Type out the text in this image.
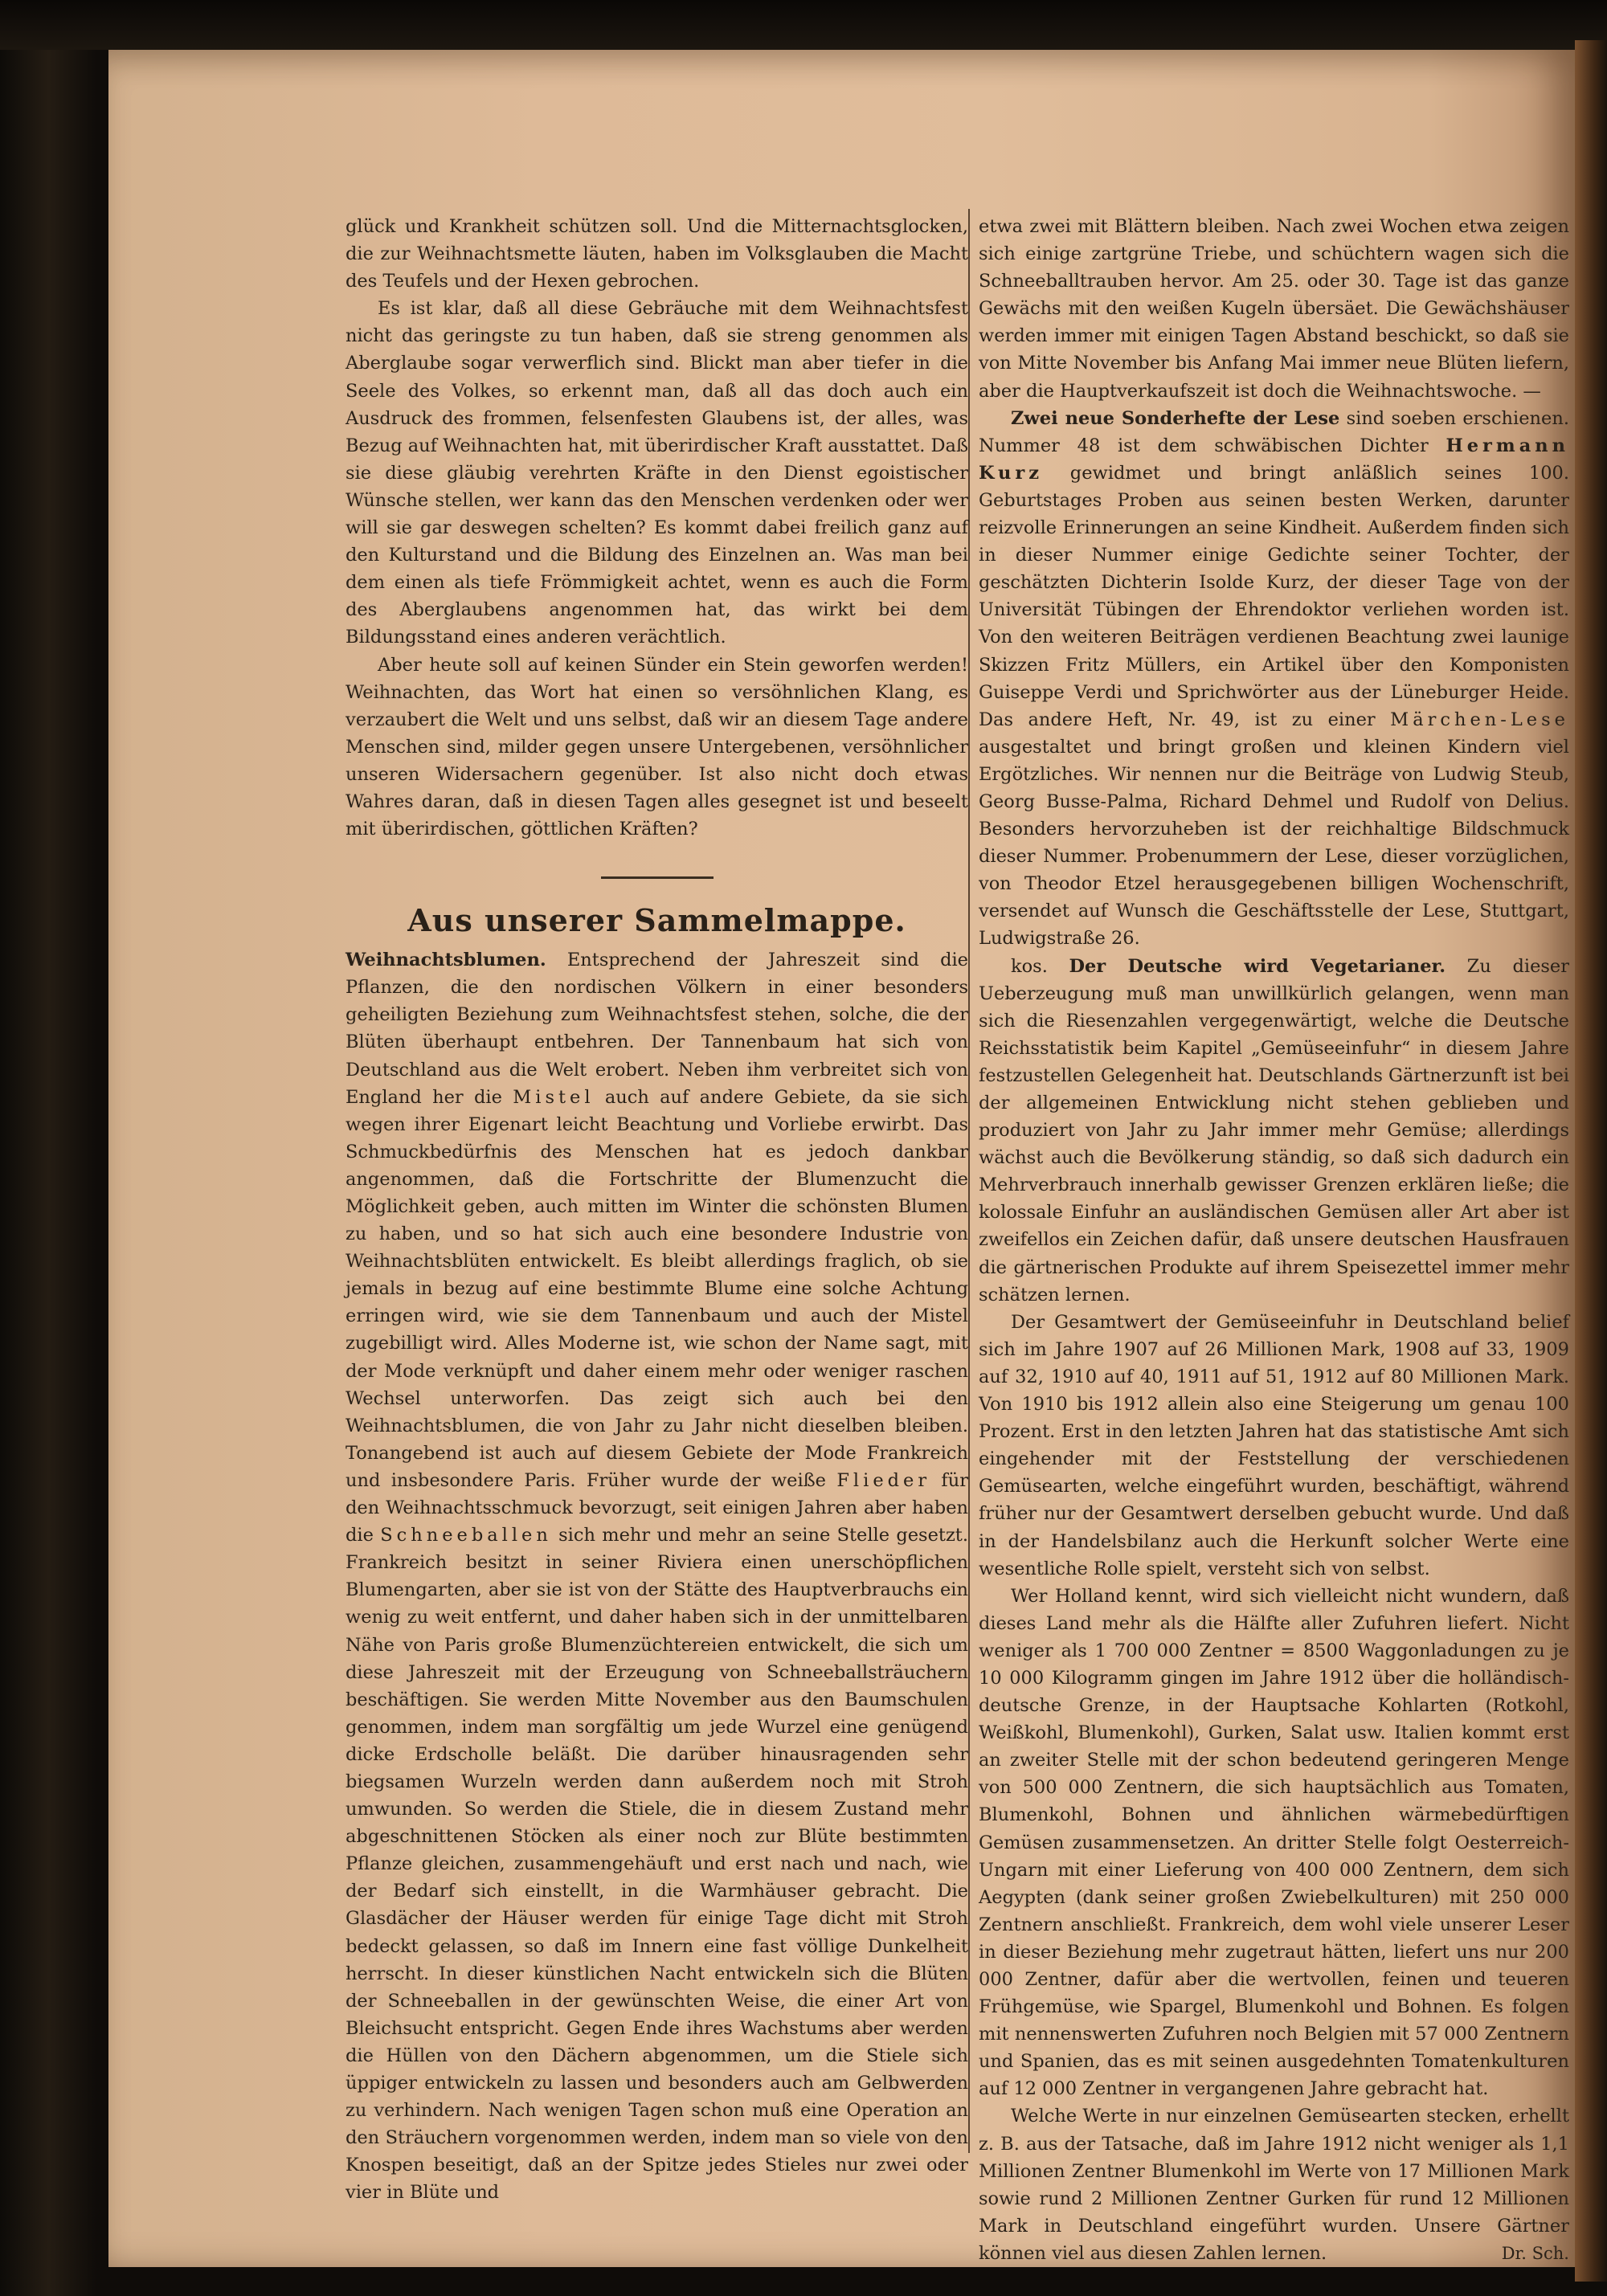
glück und Krankheit schützen soll. Und die Mitternachtsglocken, die zur Weihnachtsmette läuten, haben im Volksglauben die Macht des Teufels und der Hexen gebrochen.

Es ist klar, daß all diese Gebräuche mit dem Weihnachtsfest nicht das geringste zu tun haben, daß sie streng genommen als Aberglaube sogar verwerflich sind. Blickt man aber tiefer in die Seele des Volkes, so erkennt man, daß all das doch auch ein Ausdruck des frommen, felsenfesten Glaubens ist, der alles, was Bezug auf Weihnachten hat, mit überirdischer Kraft ausstattet. Daß sie diese gläubig verehrten Kräfte in den Dienst egoistischer Wünsche stellen, wer kann das den Menschen verdenken oder wer will sie gar deswegen schelten? Es kommt dabei freilich ganz auf den Kulturstand und die Bildung des Einzelnen an. Was man bei dem einen als tiefe Frömmigkeit achtet, wenn es auch die Form des Aberglaubens angenommen hat, das wirkt bei dem Bildungsstand eines anderen verächtlich.

Aber heute soll auf keinen Sünder ein Stein geworfen werden! Weihnachten, das Wort hat einen so versöhnlichen Klang, es verzaubert die Welt und uns selbst, daß wir an diesem Tage andere Menschen sind, milder gegen unsere Untergebenen, versöhnlicher unseren Widersachern gegenüber. Ist also nicht doch etwas Wahres daran, daß in diesen Tagen alles gesegnet ist und beseelt mit überirdischen, göttlichen Kräften?

Aus unserer Sammelmappe.

Weihnachtsblumen. Entsprechend der Jahreszeit sind die Pflanzen, die den nordischen Völkern in einer besonders geheiligten Beziehung zum Weihnachtsfest stehen, solche, die der Blüten überhaupt entbehren. Der Tannenbaum hat sich von Deutschland aus die Welt erobert. Neben ihm verbreitet sich von England her die Mistel auch auf andere Gebiete, da sie sich wegen ihrer Eigenart leicht Beachtung und Vorliebe erwirbt. Das Schmuckbedürfnis des Menschen hat es jedoch dankbar angenommen, daß die Fortschritte der Blumenzucht die Möglichkeit geben, auch mitten im Winter die schönsten Blumen zu haben, und so hat sich auch eine besondere Industrie von Weihnachtsblüten entwickelt. Es bleibt allerdings fraglich, ob sie jemals in bezug auf eine bestimmte Blume eine solche Achtung erringen wird, wie sie dem Tannenbaum und auch der Mistel zugebilligt wird. Alles Moderne ist, wie schon der Name sagt, mit der Mode verknüpft und daher einem mehr oder weniger raschen Wechsel unterworfen. Das zeigt sich auch bei den Weihnachtsblumen, die von Jahr zu Jahr nicht dieselben bleiben. Tonangebend ist auch auf diesem Gebiete der Mode Frankreich und insbesondere Paris. Früher wurde der weiße Flieder für den Weihnachtsschmuck bevorzugt, seit einigen Jahren aber haben die Schneeballen sich mehr und mehr an seine Stelle gesetzt. Frankreich besitzt in seiner Riviera einen unerschöpflichen Blumengarten, aber sie ist von der Stätte des Hauptverbrauchs ein wenig zu weit entfernt, und daher haben sich in der unmittelbaren Nähe von Paris große Blumenzüchtereien entwickelt, die sich um diese Jahreszeit mit der Erzeugung von Schneeballsträuchern beschäftigen. Sie werden Mitte November aus den Baumschulen genommen, indem man sorgfältig um jede Wurzel eine genügend dicke Erdscholle beläßt. Die darüber hinausragenden sehr biegsamen Wurzeln werden dann außerdem noch mit Stroh umwunden. So werden die Stiele, die in diesem Zustand mehr abgeschnittenen Stöcken als einer noch zur Blüte bestimmten Pflanze gleichen, zusammengehäuft und erst nach und nach, wie der Bedarf sich einstellt, in die Warmhäuser gebracht. Die Glasdächer der Häuser werden für einige Tage dicht mit Stroh bedeckt gelassen, so daß im Innern eine fast völlige Dunkelheit herrscht. In dieser künstlichen Nacht entwickeln sich die Blüten der Schneeballen in der gewünschten Weise, die einer Art von Bleichsucht entspricht. Gegen Ende ihres Wachstums aber werden die Hüllen von den Dächern abgenommen, um die Stiele sich üppiger entwickeln zu lassen und besonders auch am Gelbwerden zu verhindern. Nach wenigen Tagen schon muß eine Operation an den Sträuchern vorgenommen werden, indem man so viele von den Knospen beseitigt, daß an der Spitze jedes Stieles nur zwei oder vier in Blüte und

etwa zwei mit Blättern bleiben. Nach zwei Wochen etwa zeigen sich einige zartgrüne Triebe, und schüchtern wagen sich die Schneeballtrauben hervor. Am 25. oder 30. Tage ist das ganze Gewächs mit den weißen Kugeln übersäet. Die Gewächshäuser werden immer mit einigen Tagen Abstand beschickt, so daß sie von Mitte November bis Anfang Mai immer neue Blüten liefern, aber die Hauptverkaufszeit ist doch die Weihnachtswoche. —

Zwei neue Sonderhefte der Lese sind soeben erschienen. Nummer 48 ist dem schwäbischen Dichter Hermann Kurz gewidmet und bringt anläßlich seines 100. Geburtstages Proben aus seinen besten Werken, darunter reizvolle Erinnerungen an seine Kindheit. Außerdem finden sich in dieser Nummer einige Gedichte seiner Tochter, der geschätzten Dichterin Isolde Kurz, der dieser Tage von der Universität Tübingen der Ehrendoktor verliehen worden ist. Von den weiteren Beiträgen verdienen Beachtung zwei launige Skizzen Fritz Müllers, ein Artikel über den Komponisten Guiseppe Verdi und Sprichwörter aus der Lüneburger Heide. Das andere Heft, Nr. 49, ist zu einer Märchen-Lese ausgestaltet und bringt großen und kleinen Kindern viel Ergötzliches. Wir nennen nur die Beiträge von Ludwig Steub, Georg Busse-Palma, Richard Dehmel und Rudolf von Delius. Besonders hervorzuheben ist der reichhaltige Bildschmuck dieser Nummer. Probenummern der Lese, dieser vorzüglichen, von Theodor Etzel herausgegebenen billigen Wochenschrift, versendet auf Wunsch die Geschäftsstelle der Lese, Stuttgart, Ludwigstraße 26.

kos. Der Deutsche wird Vegetarianer. Zu dieser Ueberzeugung muß man unwillkürlich gelangen, wenn man sich die Riesenzahlen vergegenwärtigt, welche die Deutsche Reichsstatistik beim Kapitel „Gemüseeinfuhr“ in diesem Jahre festzustellen Gelegenheit hat. Deutschlands Gärtnerzunft ist bei der allgemeinen Entwicklung nicht stehen geblieben und produziert von Jahr zu Jahr immer mehr Gemüse; allerdings wächst auch die Bevölkerung ständig, so daß sich dadurch ein Mehrverbrauch innerhalb gewisser Grenzen erklären ließe; die kolossale Einfuhr an ausländischen Gemüsen aller Art aber ist zweifellos ein Zeichen dafür, daß unsere deutschen Hausfrauen die gärtnerischen Produkte auf ihrem Speisezettel immer mehr schätzen lernen.

Der Gesamtwert der Gemüseeinfuhr in Deutschland belief sich im Jahre 1907 auf 26 Millionen Mark, 1908 auf 33, 1909 auf 32, 1910 auf 40, 1911 auf 51, 1912 auf 80 Millionen Mark. Von 1910 bis 1912 allein also eine Steigerung um genau 100 Prozent. Erst in den letzten Jahren hat das statistische Amt sich eingehender mit der Feststellung der verschiedenen Gemüsearten, welche eingeführt wurden, beschäftigt, während früher nur der Gesamtwert derselben gebucht wurde. Und daß in der Handelsbilanz auch die Herkunft solcher Werte eine wesentliche Rolle spielt, versteht sich von selbst.

Wer Holland kennt, wird sich vielleicht nicht wundern, daß dieses Land mehr als die Hälfte aller Zufuhren liefert. Nicht weniger als 1 700 000 Zentner = 8500 Waggonladungen zu je 10 000 Kilogramm gingen im Jahre 1912 über die holländisch-deutsche Grenze, in der Hauptsache Kohlarten (Rotkohl, Weißkohl, Blumenkohl), Gurken, Salat usw. Italien kommt erst an zweiter Stelle mit der schon bedeutend geringeren Menge von 500 000 Zentnern, die sich hauptsächlich aus Tomaten, Blumenkohl, Bohnen und ähnlichen wärmebedürftigen Gemüsen zusammensetzen. An dritter Stelle folgt Oesterreich-Ungarn mit einer Lieferung von 400 000 Zentnern, dem sich Aegypten (dank seiner großen Zwiebelkulturen) mit 250 000 Zentnern anschließt. Frankreich, dem wohl viele unserer Leser in dieser Beziehung mehr zugetraut hätten, liefert uns nur 200 000 Zentner, dafür aber die wertvollen, feinen und teueren Frühgemüse, wie Spargel, Blumenkohl und Bohnen. Es folgen mit nennenswerten Zufuhren noch Belgien mit 57 000 Zentnern und Spanien, das es mit seinen ausgedehnten Tomatenkulturen auf 12 000 Zentner in vergangenen Jahre gebracht hat.

Welche Werte in nur einzelnen Gemüsearten stecken, erhellt z. B. aus der Tatsache, daß im Jahre 1912 nicht weniger als 1,1 Millionen Zentner Blumenkohl im Werte von 17 Millionen Mark sowie rund 2 Millionen Zentner Gurken für rund 12 Millionen Mark in Deutschland eingeführt wurden. Unsere Gärtner können viel aus diesen Zahlen lernen.	Dr. Sch.
